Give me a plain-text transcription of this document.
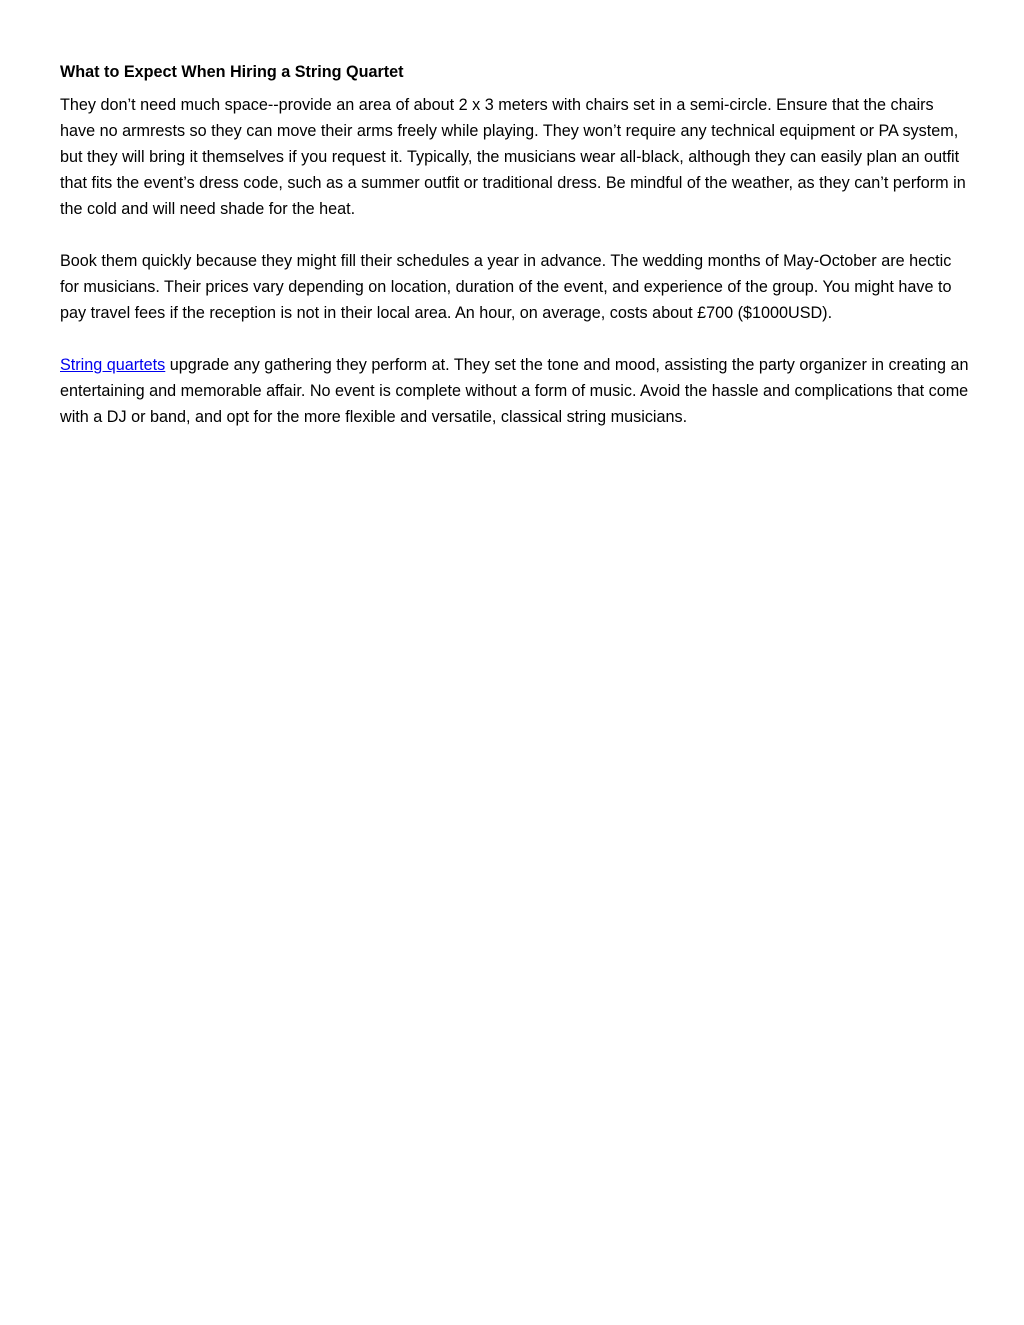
What to Expect When Hiring a String Quartet

They don’t need much space--provide an area of about 2 x 3 meters with chairs set in a semi-circle. Ensure that the chairs have no armrests so they can move their arms freely while playing. They won’t require any technical equipment or PA system, but they will bring it themselves if you request it. Typically, the musicians wear all-black, although they can easily plan an outfit that fits the event’s dress code, such as a summer outfit or traditional dress. Be mindful of the weather, as they can’t perform in the cold and will need shade for the heat.

Book them quickly because they might fill their schedules a year in advance. The wedding months of May-October are hectic for musicians. Their prices vary depending on location, duration of the event, and experience of the group. You might have to pay travel fees if the reception is not in their local area. An hour, on average, costs about £700 ($1000USD).

String quartets upgrade any gathering they perform at. They set the tone and mood, assisting the party organizer in creating an entertaining and memorable affair. No event is complete without a form of music. Avoid the hassle and complications that come with a DJ or band, and opt for the more flexible and versatile, classical string musicians.
